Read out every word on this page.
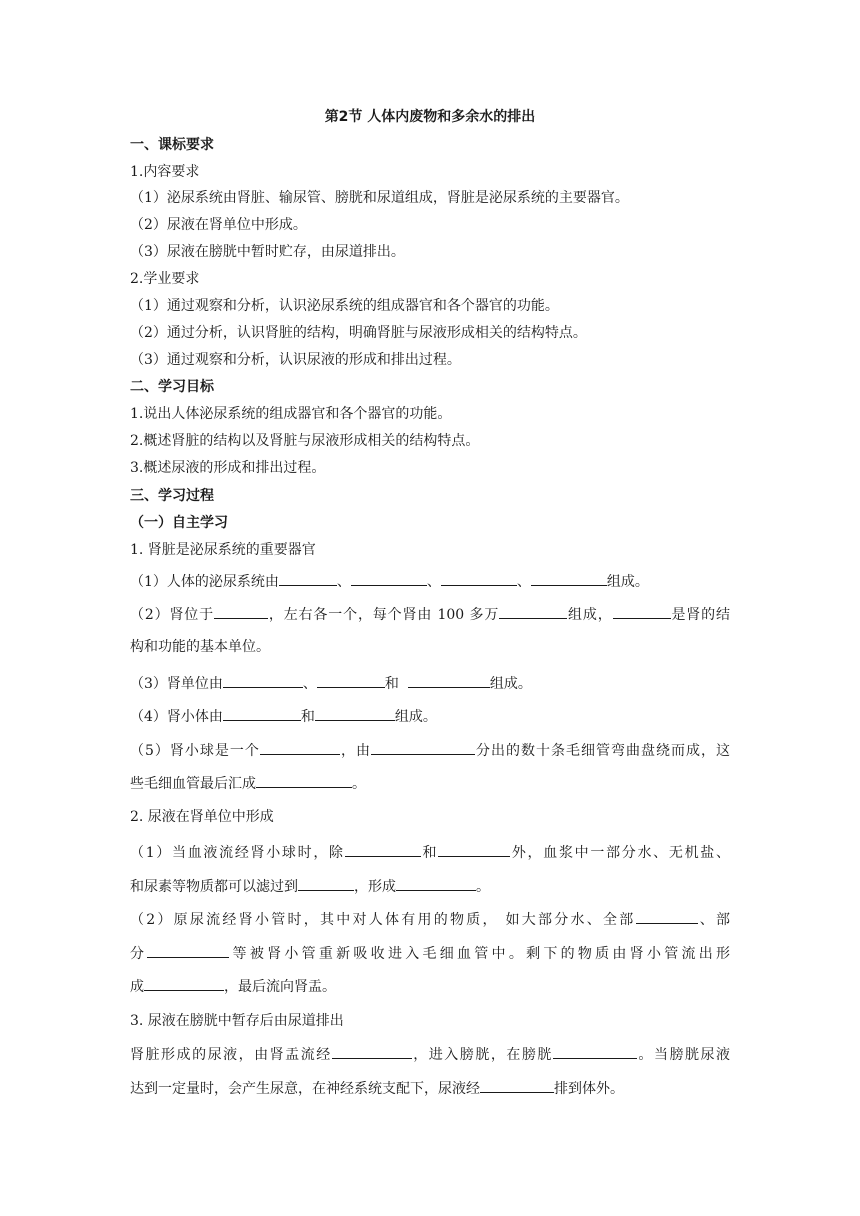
第2节 人体内废物和多余水的排出
一、课标要求
1.内容要求
（1）泌尿系统由肾脏、输尿管、膀胱和尿道组成，肾脏是泌尿系统的主要器官。
（2）尿液在肾单位中形成。
（3）尿液在膀胱中暂时贮存，由尿道排出。
2.学业要求
（1）通过观察和分析，认识泌尿系统的组成器官和各个器官的功能。
（2）通过分析，认识肾脏的结构，明确肾脏与尿液形成相关的结构特点。
（3）通过观察和分析，认识尿液的形成和排出过程。
二、学习目标
1.说出人体泌尿系统的组成器官和各个器官的功能。
2.概述肾脏的结构以及肾脏与尿液形成相关的结构特点。
3.概述尿液的形成和排出过程。
三、学习过程
（一）自主学习
1. 肾脏是泌尿系统的重要器官
（1）人体的泌尿系统由	、	、	、	组成。
（2）肾位于	，左右各一个，每个肾由 100 多万	组成，	是肾的结
构和功能的基本单位。
（3）肾单位由	、	和	组成。
（4）肾小体由	和	组成。
（5）肾小球是一个	，由	分出的数十条毛细管弯曲盘绕而成，这
些毛细血管最后汇成	。
2. 尿液在肾单位中形成
（1）当血液流经肾小球时，除	和	外，血浆中一部分水、无机盐、
和尿素等物质都可以滤过到	，形成	。
（2）原尿流经肾小管时，其中对人体有用的物质， 如大部分水、全部	、部
分	等被肾小管重新吸收进入毛细血管中。剩下的物质由肾小管流出形
成	，最后流向肾盂。
3. 尿液在膀胱中暂存后由尿道排出
肾脏形成的尿液，由肾盂流经	，进入膀胱，在膀胱	。当膀胱尿液
达到一定量时，会产生尿意，在神经系统支配下，尿液经	排到体外。
